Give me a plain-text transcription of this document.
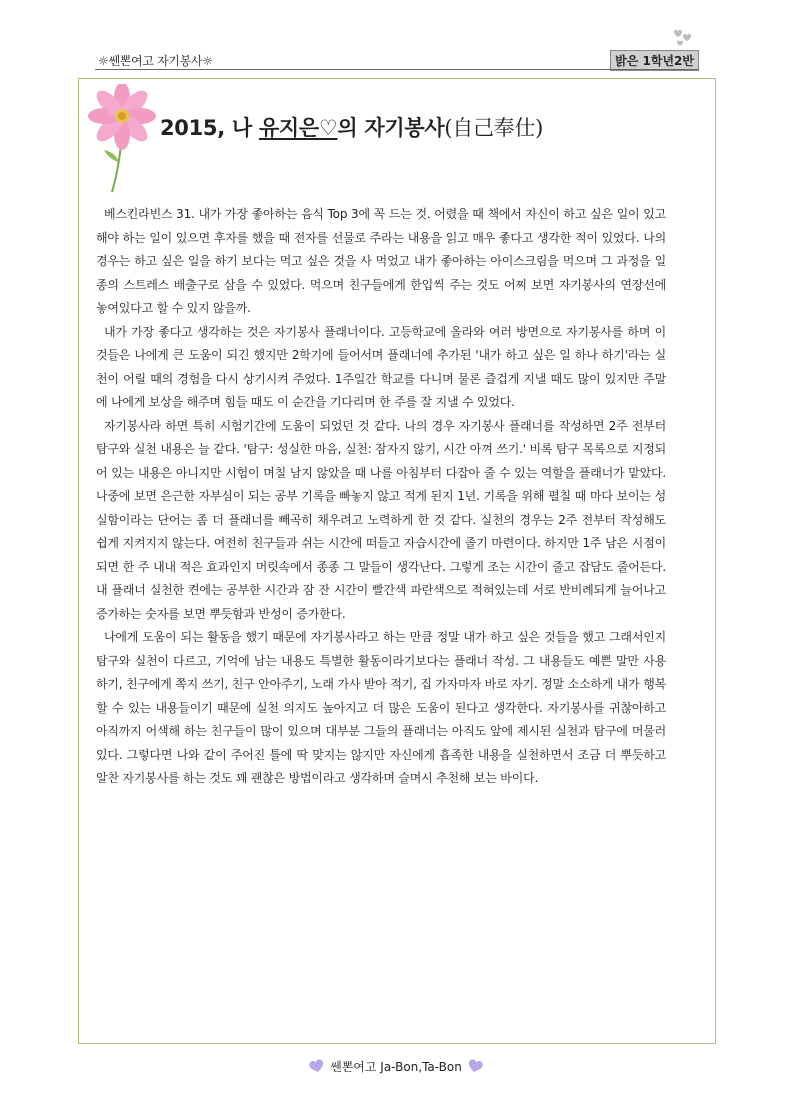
☼쎈뽄여고 자기봉사☼	밝은 1학년2반
2015, 나 유지은♡의 자기봉사(自己奉仕)

베스킨라빈스 31. 내가 가장 좋아하는 음식 Top 3에 꼭 드는 것. 어렸을 때 책에서 자신이 하고 싶은 일이 있고 해야 하는 일이 있으면 후자를 했을 때 전자를 선물로 주라는 내용을 읽고 매우 좋다고 생각한 적이 있었다. 나의 경우는 하고 싶은 일을 하기 보다는 먹고 싶은 것을 사 먹었고 내가 좋아하는 아이스크림을 먹으며 그 과정을 일종의 스트레스 배출구로 삼을 수 있었다. 먹으며 친구들에게 한입씩 주는 것도 어찌 보면 자기봉사의 연장선에 놓여있다고 할 수 있지 않을까.

내가 가장 좋다고 생각하는 것은 자기봉사 플래너이다. 고등학교에 올라와 여러 방면으로 자기봉사를 하며 이것들은 나에게 큰 도움이 되긴 했지만 2학기에 들어서며 플래너에 추가된 '내가 하고 싶은 일 하나 하기'라는 실천이 어릴 때의 경험을 다시 상기시켜 주었다. 1주일간 학교를 다니며 물론 즐겁게 지낼 때도 많이 있지만 주말에 나에게 보상을 해주며 힘들 때도 이 순간을 기다리며 한 주를 잘 지낼 수 있었다.

자기봉사라 하면 특히 시험기간에 도움이 되었던 것 같다. 나의 경우 자기봉사 플래너를 작성하면 2주 전부터 탐구와 실천 내용은 늘 같다. '탐구: 성실한 마음, 실천: 잠자지 않기, 시간 아껴 쓰기.' 비록 탐구 목록으로 지정되어 있는 내용은 아니지만 시험이 며칠 남지 않았을 때 나를 아침부터 다잡아 줄 수 있는 역할을 플래너가 맡았다. 나중에 보면 은근한 자부심이 되는 공부 기록을 빠놓지 않고 적게 된지 1년. 기록을 위해 펼칠 때 마다 보이는 성실함이라는 단어는 좀 더 플래너를 빼곡히 채우려고 노력하게 한 것 같다. 실천의 경우는 2주 전부터 작성해도 쉽게 지켜지지 않는다. 여전히 친구들과 쉬는 시간에 떠들고 자습시간에 졸기 마련이다. 하지만 1주 남은 시점이 되면 한 주 내내 적은 효과인지 머릿속에서 종종 그 말들이 생각난다. 그렇게 조는 시간이 줄고 잡담도 줄어든다. 내 플래너 실천한 켠에는 공부한 시간과 잠 잔 시간이 빨간색 파란색으로 적혀있는데 서로 반비례되게 늘어나고 증가하는 숫자를 보면 뿌듯함과 반성이 증가한다.

나에게 도움이 되는 활동을 했기 때문에 자기봉사라고 하는 만큼 정말 내가 하고 싶은 것들을 했고 그래서인지 탐구와 실천이 다르고, 기억에 남는 내용도 특별한 활동이라기보다는 플래너 작성. 그 내용들도 예쁜 말만 사용하기, 친구에게 쪽지 쓰기, 친구 안아주기, 노래 가사 받아 적기, 집 가자마자 바로 자기. 정말 소소하게 내가 행복할 수 있는 내용들이기 때문에 실천 의지도 높아지고 더 많은 도움이 된다고 생각한다. 자기봉사를 귀찮아하고 아직까지 어색해 하는 친구들이 많이 있으며 대부분 그들의 플래너는 아직도 앞에 제시된 실천과 탐구에 머물러있다. 그렇다면 나와 같이 주어진 틀에 딱 맞지는 않지만 자신에게 흡족한 내용을 실천하면서 조금 더 뿌듯하고 알찬 자기봉사를 하는 것도 꽤 괜찮은 방법이라고 생각하며 슬며시 추천해 보는 바이다.

쎈뽄여고 Ja-Bon,Ta-Bon
